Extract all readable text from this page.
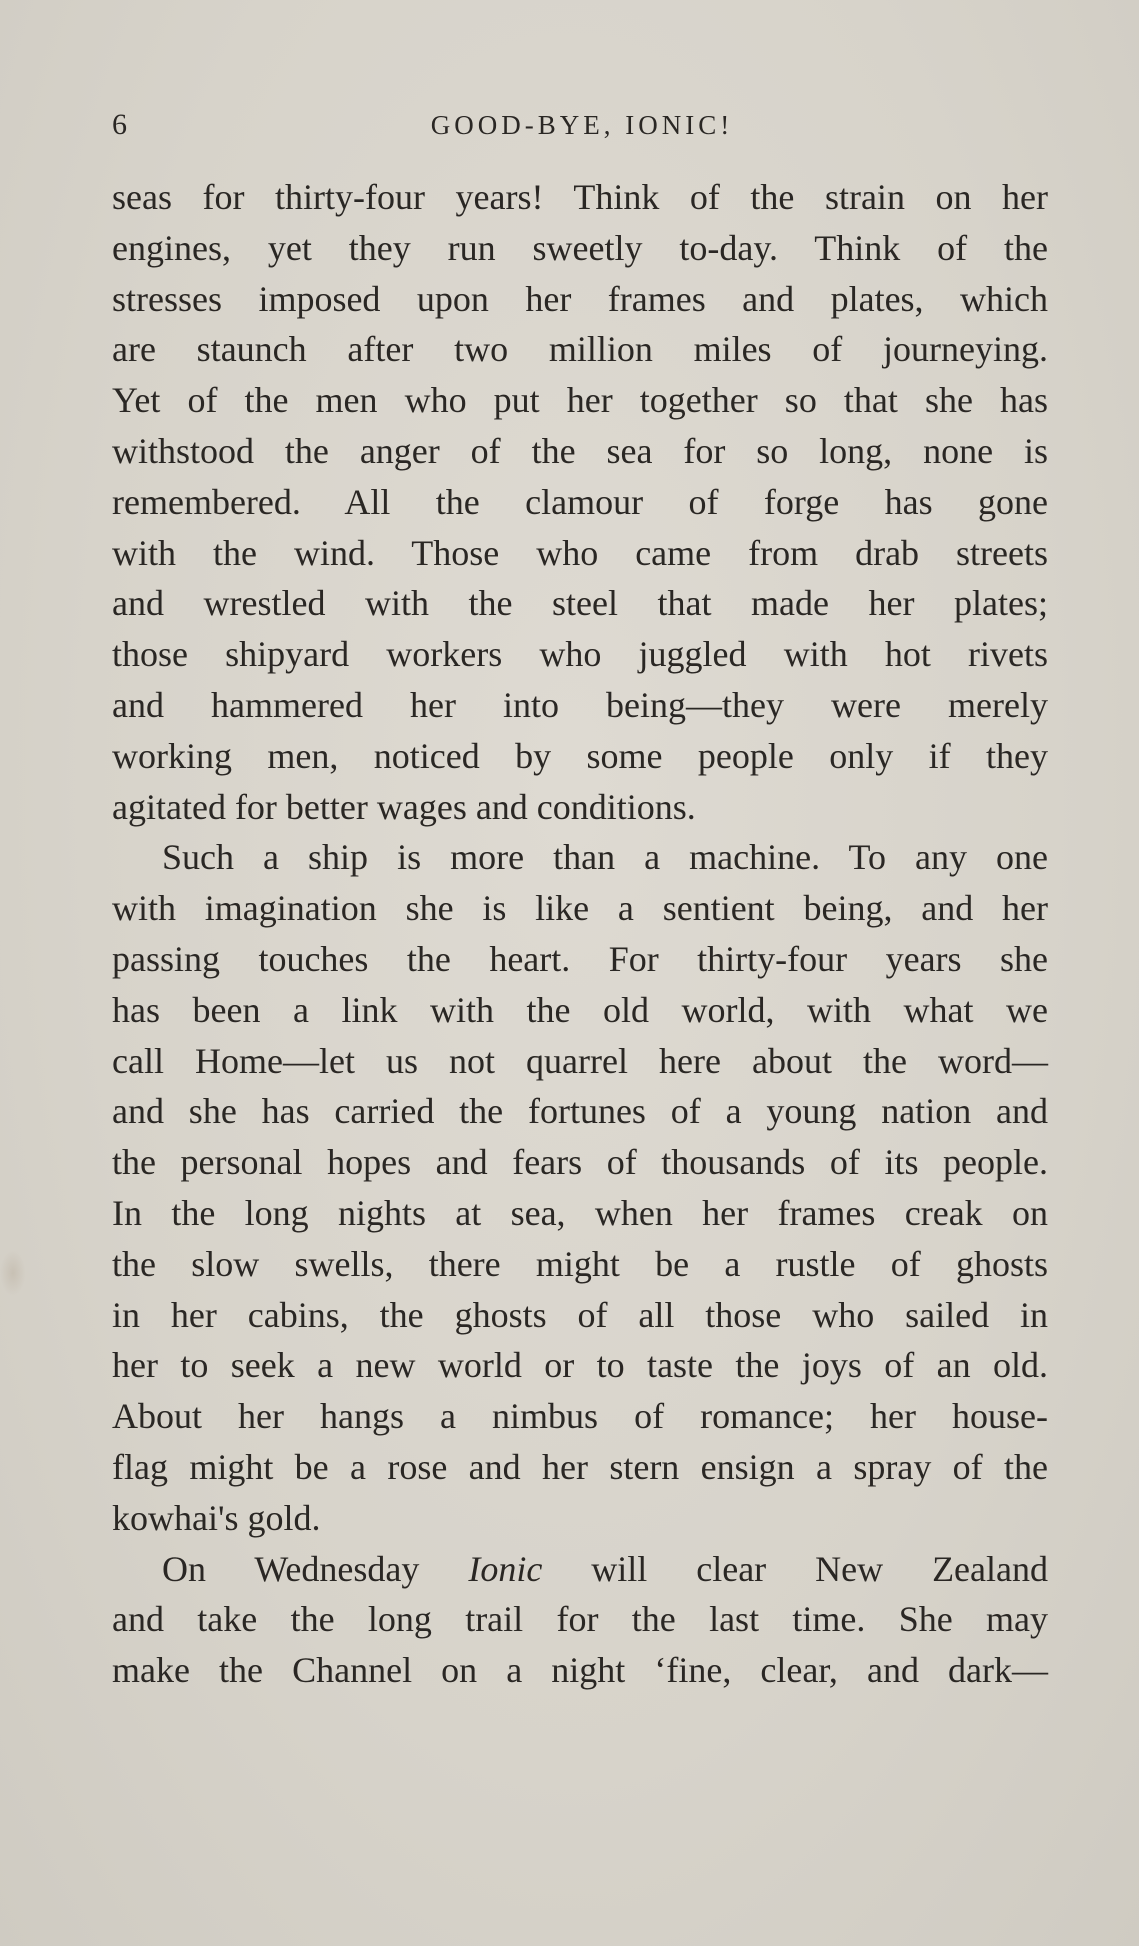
6	GOOD-BYE, IONIC!
seas for thirty-four years! Think of the strain on her
engines, yet they run sweetly to-day. Think of the
stresses imposed upon her frames and plates, which
are staunch after two million miles of journeying.
Yet of the men who put her together so that she has
withstood the anger of the sea for so long, none is
remembered. All the clamour of forge has gone
with the wind. Those who came from drab streets
and wrestled with the steel that made her plates;
those shipyard workers who juggled with hot rivets
and hammered her into being—they were merely
working men, noticed by some people only if they
agitated for better wages and conditions.
Such a ship is more than a machine. To any one
with imagination she is like a sentient being, and her
passing touches the heart. For thirty-four years she
has been a link with the old world, with what we
call Home—let us not quarrel here about the word—
and she has carried the fortunes of a young nation and
the personal hopes and fears of thousands of its people.
In the long nights at sea, when her frames creak on
the slow swells, there might be a rustle of ghosts
in her cabins, the ghosts of all those who sailed in
her to seek a new world or to taste the joys of an old.
About her hangs a nimbus of romance; her house-
flag might be a rose and her stern ensign a spray of the
kowhai's gold.
On Wednesday Ionic will clear New Zealand
and take the long trail for the last time. She may
make the Channel on a night ‘fine, clear, and dark—
